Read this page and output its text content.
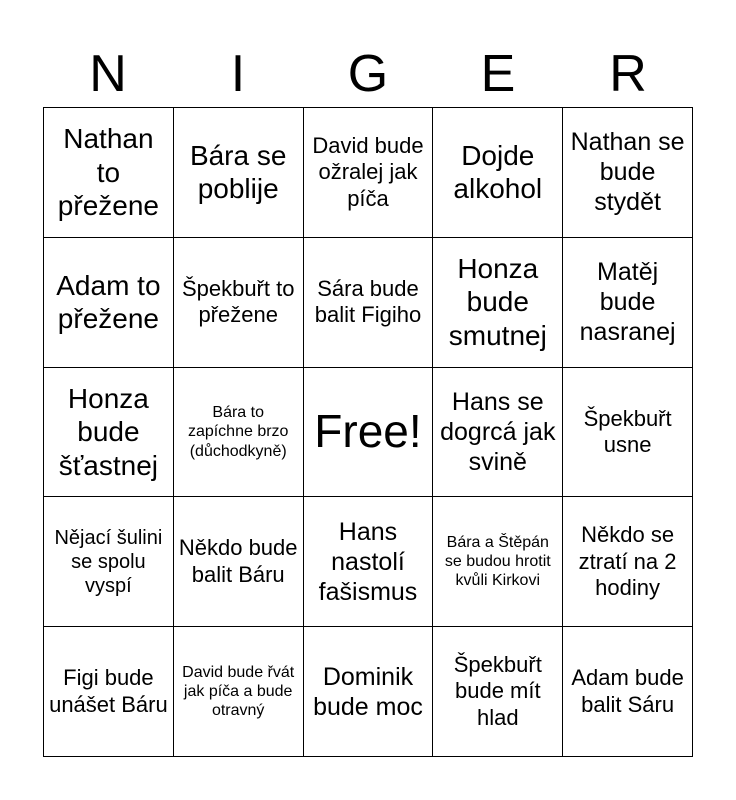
N	I	G	E	R
Nathan to přežene
Bára se poblije
David bude ožralej jak píča
Dojde alkohol
Nathan se bude stydět
Adam to přežene
Špekbuřt to přežene
Sára bude balit Figiho
Honza bude smutnej
Matěj bude nasranej
Honza bude šťastnej
Bára to zapíchne brzo (důchodkyně) Free!
Hans se dogrcá jak svině
Špekbuřt usne
Nějací šulini se spolu vyspí
Někdo bude balit Báru
Hans nastolí fašismus
Bára a Štěpán se budou hrotit kvůli Kirkovi
Někdo se ztratí na 2 hodiny
Figi bude unášet Báru
David bude řvát jak píča a bude otravný
Dominik bude moc
Špekbuřt bude mít hlad
Adam bude balit Sáru
